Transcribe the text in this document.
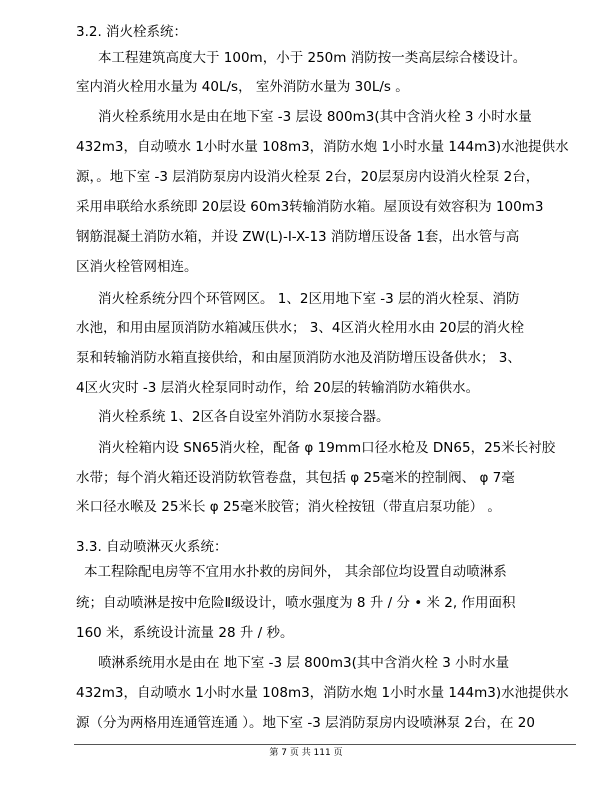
3.2. 消火栓系统：
本工程建筑高度大于 100m，小于 250m 消防按一类高层综合楼设计。
室内消火栓用水量为 40L/s， 室外消防水量为 30L/s 。
消火栓系统用水是由在地下室 -3 层设 800m3(其中含消火栓 3 小时水量
432m3，自动喷水 1小时水量 108m3，消防水炮 1小时水量 144m3)水池提供水
源，。地下室 -3 层消防泵房内设消火栓泵 2台，20层泵房内设消火栓泵 2台，
采用串联给水系统即 20层设 60m3转输消防水箱。屋顶设有效容积为 100m3
钢筋混凝土消防水箱，并设 ZW(L)-I-X-13 消防增压设备 1套，出水管与高
区消火栓管网相连。
消火栓系统分四个环管网区。 1、2区用地下室 -3 层的消火栓泵、消防
水池，和用由屋顶消防水箱减压供水； 3、4区消火栓用水由 20层的消火栓
泵和转输消防水箱直接供给，和由屋顶消防水池及消防增压设备供水； 3、
4区火灾时 -3 层消火栓泵同时动作，给 20层的转输消防水箱供水。
消火栓系统 1、2区各自设室外消防水泵接合器。
消火栓箱内设 SN65消火栓，配备 φ 19mm口径水枪及 DN65，25米长衬胶
水带；每个消火箱还设消防软管卷盘，其包括 φ 25毫米的控制阀、 φ 7毫
米口径水喉及 25米长 φ 25毫米胶管；消火栓按钮（带直启泵功能） 。
3.3. 自动喷淋灭火系统：
本工程除配电房等不宜用水扑救的房间外， 其余部位均设置自动喷淋系
统；自动喷淋是按中危险Ⅱ级设计，喷水强度为 8 升 / 分 • 米 2, 作用面积
160 米，系统设计流量 28 升 / 秒。
喷淋系统用水是由在 地下室 -3 层 800m3(其中含消火栓 3 小时水量
432m3，自动喷水 1小时水量 108m3，消防水炮 1小时水量 144m3)水池提供水
源（分为两格用连通管连通 ）。地下室 -3 层消防泵房内设喷淋泵 2台，在 20
第 7 页 共 111 页
